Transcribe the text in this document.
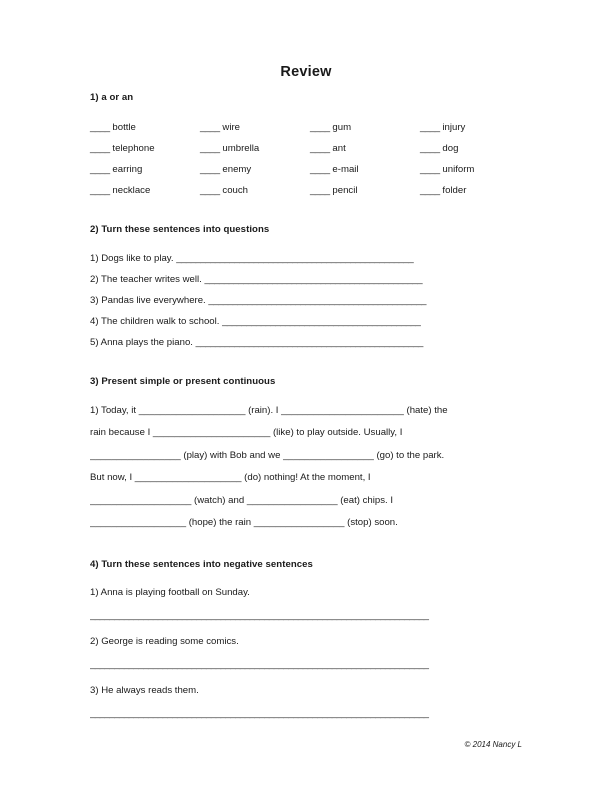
Review
1) a or an
____ bottle	____ wire	____ gum	____ injury
____ telephone	____ umbrella	____ ant	____ dog
____ earring	____ enemy	____ e-mail	____ uniform
____ necklace	____ couch	____ pencil	____ folder
2) Turn these sentences into questions
1) Dogs like to play. _________________________________________________
2) The teacher writes well. _____________________________________________
3) Pandas live everywhere. _____________________________________________
4) The children walk to school. _________________________________________
5) Anna plays the piano. _______________________________________________
3) Present simple or present continuous
1) Today, it ____________________ (rain). I _______________________ (hate) the
rain because I ______________________ (like) to play outside. Usually, I
_________________ (play) with Bob and we _________________ (go) to the park.
But now, I ____________________ (do) nothing! At the moment, I
___________________ (watch) and _________________ (eat) chips. I
__________________ (hope) the rain _________________ (stop) soon.
4) Turn these sentences into negative sentences
1) Anna is playing football on Sunday.
______________________________________________________________________
2) George is reading some comics.
______________________________________________________________________
3) He always reads them.
______________________________________________________________________
© 2014 Nancy L
